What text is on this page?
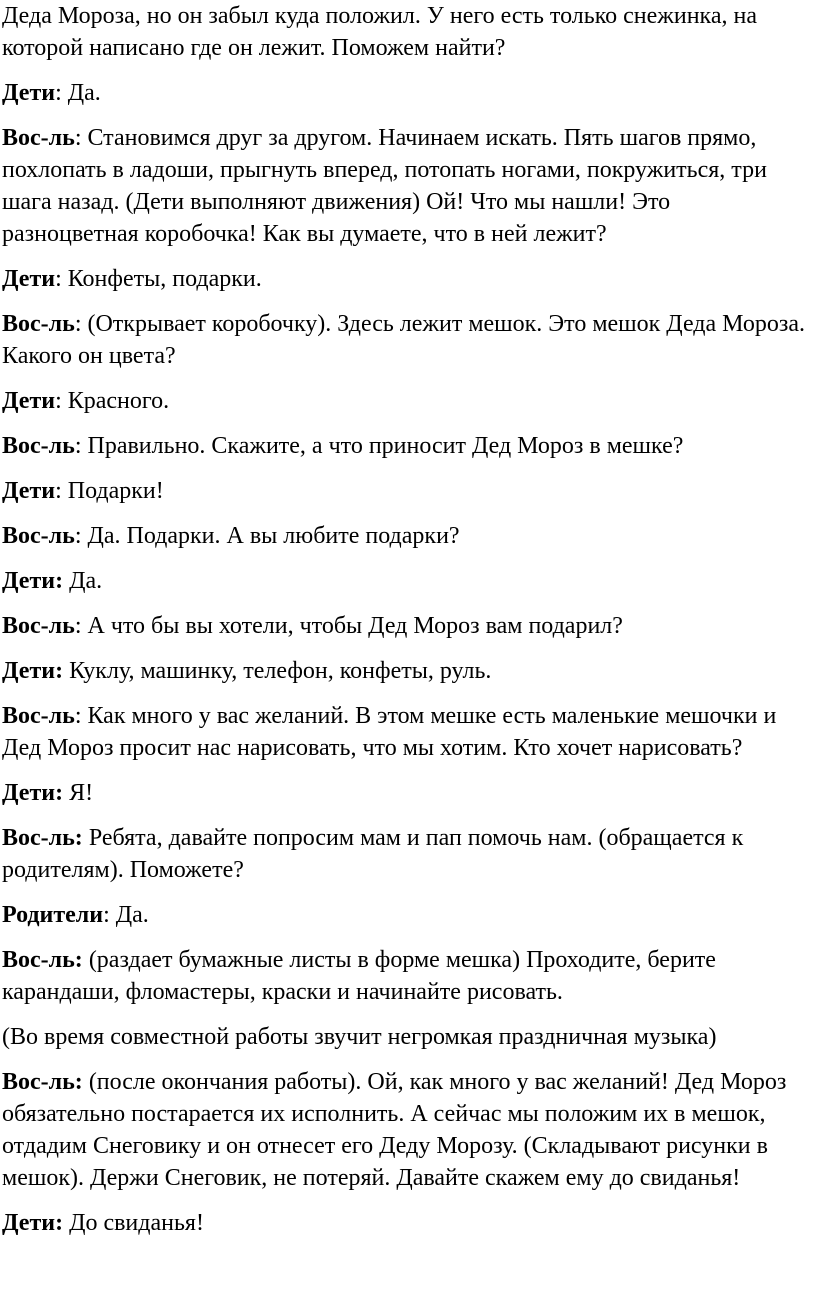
Деда Мороза, но он забыл куда положил. У него есть только снежинка, на которой написано где он лежит. Поможем найти?

Дети: Да.

Вос-ль: Становимся друг за другом. Начинаем искать. Пять шагов прямо, похлопать в ладоши, прыгнуть вперед, потопать ногами, покружиться, три шага назад. (Дети выполняют движения) Ой! Что мы нашли! Это разноцветная коробочка! Как вы думаете, что в ней лежит?

Дети: Конфеты, подарки.

Вос-ль: (Открывает коробочку). Здесь лежит мешок. Это мешок Деда Мороза. Какого он цвета?

Дети: Красного.

Вос-ль: Правильно. Скажите, а что приносит Дед Мороз в мешке?

Дети: Подарки!

Вос-ль: Да. Подарки. А вы любите подарки?

Дети: Да.

Вос-ль: А что бы вы хотели, чтобы Дед Мороз вам подарил?

Дети: Куклу, машинку, телефон, конфеты, руль.

Вос-ль: Как много у вас желаний. В этом мешке есть маленькие мешочки и Дед Мороз просит нас нарисовать, что мы хотим. Кто хочет нарисовать?

Дети: Я!

Вос-ль: Ребята, давайте попросим мам и пап помочь нам. (обращается к родителям). Поможете?

Родители: Да.

Вос-ль: (раздает бумажные листы в форме мешка) Проходите, берите карандаши, фломастеры, краски и начинайте рисовать.

(Во время совместной работы звучит негромкая праздничная музыка)

Вос-ль: (после окончания работы). Ой, как много у вас желаний! Дед Мороз обязательно постарается их исполнить. А сейчас мы положим их в мешок, отдадим Снеговику и он отнесет его Деду Морозу. (Складывают рисунки в мешок). Держи Снеговик, не потеряй. Давайте скажем ему до свиданья!

Дети: До свиданья!
